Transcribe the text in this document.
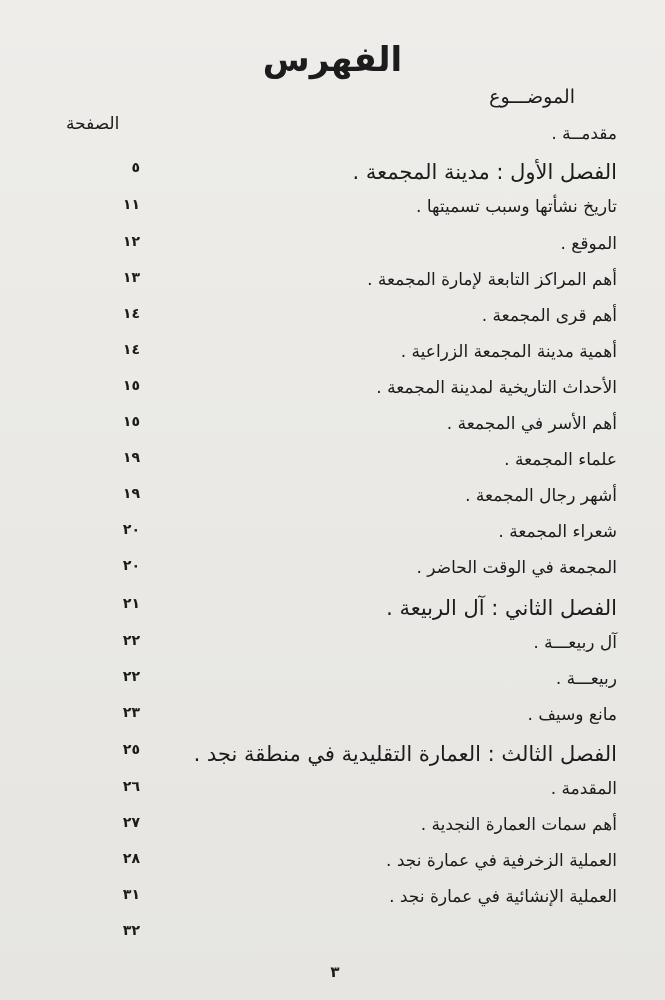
الفهرس
الموضـــوع
الصفحة	مقدمــة .
الفصل الأول : مدينة المجمعة .
٥
تاريخ نشأتها وسبب تسميتها .
١١
الموقع .
١٢
أهم المراكز التابعة لإمارة المجمعة .
١٣
أهم قرى المجمعة .
١٤
أهمية مدينة المجمعة الزراعية .
١٤
الأحداث التاريخية لمدينة المجمعة .
١٥
أهم الأسر في المجمعة .
١٥
علماء المجمعة .
١٩
أشهر رجال المجمعة .
١٩
شعراء المجمعة .
٢٠
المجمعة في الوقت الحاضر .
٢٠
الفصل الثاني : آل الربيعة .
٢١
آل ربيعـــة .
٢٢
ربيعـــة .
٢٢
مانع وسيف .
٢٣
الفصل الثالث : العمارة التقليدية في منطقة نجد .
٢٥
المقدمة .
٢٦
أهم سمات العمارة النجدية .
٢٧
العملية الزخرفية في عمارة نجد .
٢٨
العملية الإنشائية في عمارة نجد .
٣١
٣٢
٣
